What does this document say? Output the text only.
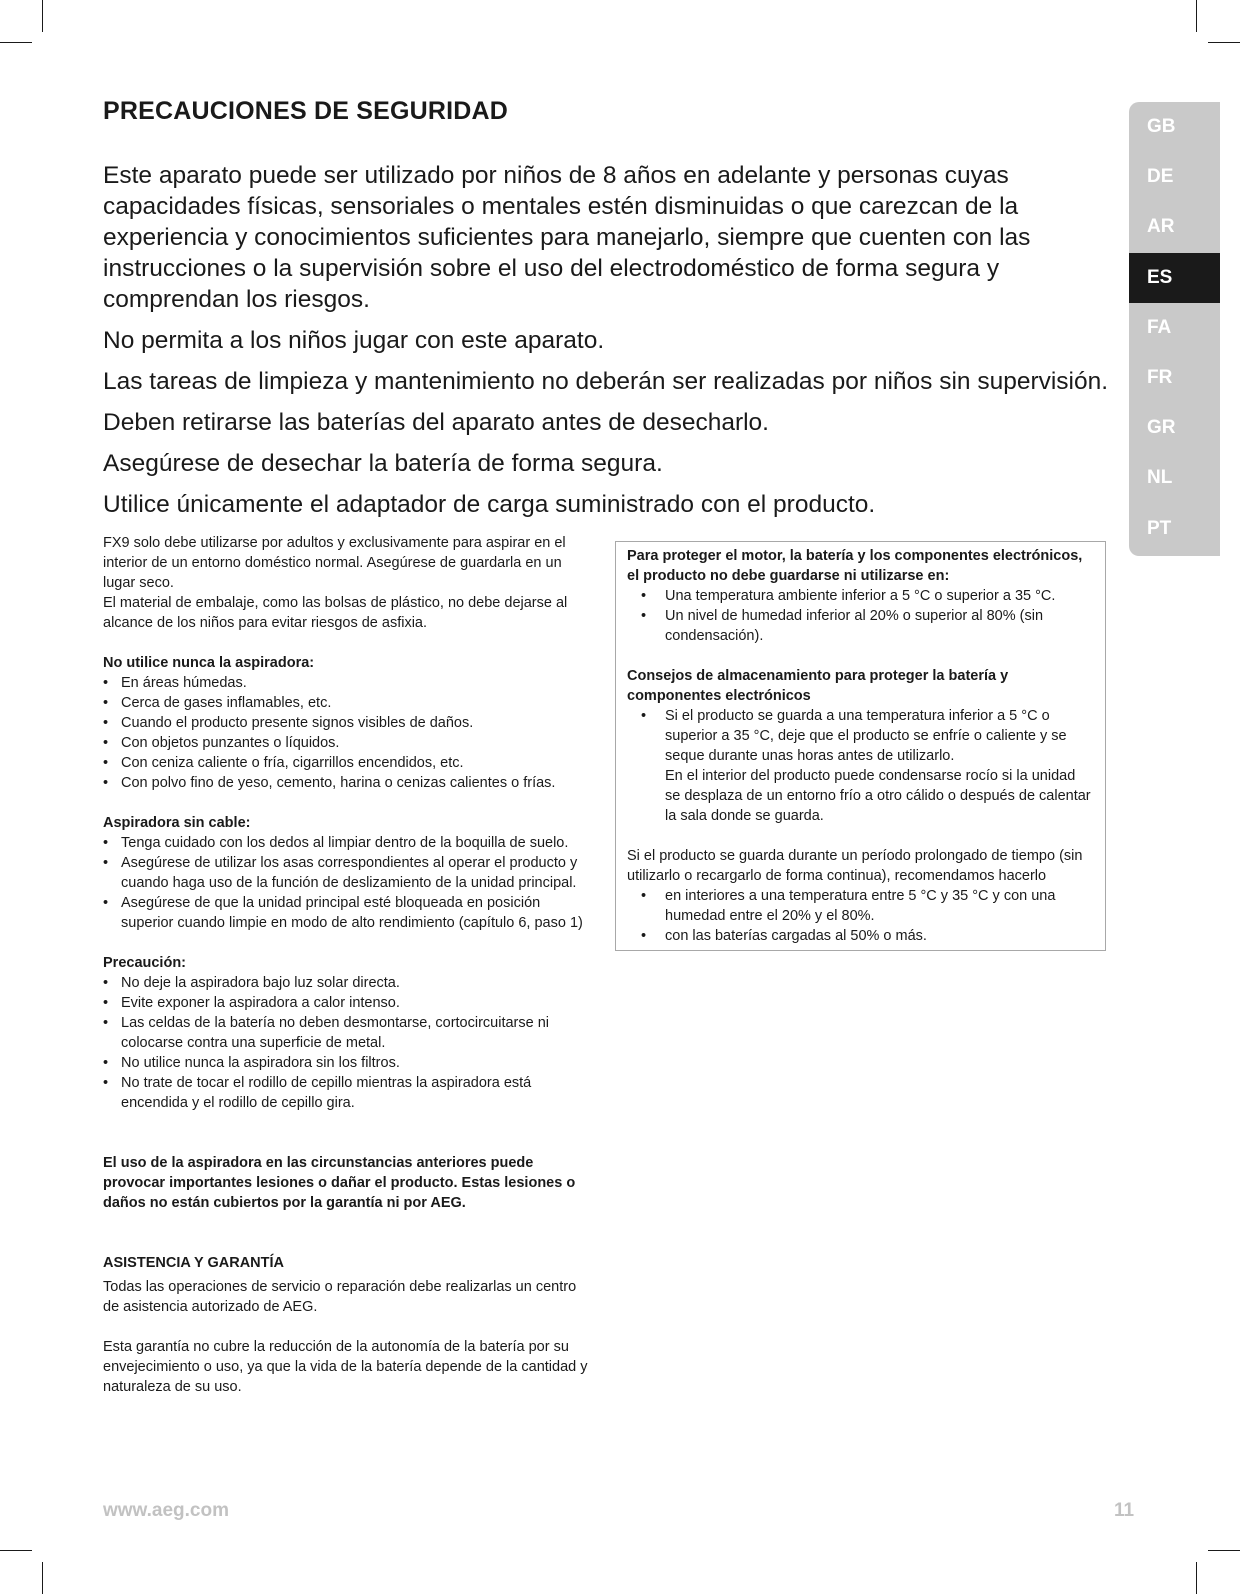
PRECAUCIONES DE SEGURIDAD

Este aparato puede ser utilizado por niños de 8 años en adelante y personas cuyas capacidades físicas, sensoriales o mentales estén disminuidas o que carezcan de la experiencia y conocimientos suficientes para manejarlo, siempre que cuenten con las instrucciones o la supervisión sobre el uso del electrodoméstico de forma segura y comprendan los riesgos.

No permita a los niños jugar con este aparato.

Las tareas de limpieza y mantenimiento no deberán ser realizadas por niños sin supervisión.

Deben retirarse las baterías del aparato antes de desecharlo.

Asegúrese de desechar la batería de forma segura.

Utilice únicamente el adaptador de carga suministrado con el producto.

FX9 solo debe utilizarse por adultos y exclusivamente para aspirar en el interior de un entorno doméstico normal. Asegúrese de guardarla en un lugar seco.

El material de embalaje, como las bolsas de plástico, no debe dejarse al alcance de los niños para evitar riesgos de asfixia.

No utilice nunca la aspiradora:

• En áreas húmedas.
• Cerca de gases inflamables, etc.
• Cuando el producto presente signos visibles de daños.
• Con objetos punzantes o líquidos.
• Con ceniza caliente o fría, cigarrillos encendidos, etc.
• Con polvo fino de yeso, cemento, harina o cenizas calientes o frías.

Aspiradora sin cable:

• Tenga cuidado con los dedos al limpiar dentro de la boquilla de suelo.
• Asegúrese de utilizar los asas correspondientes al operar el producto y cuando haga uso de la función de deslizamiento de la unidad principal.
• Asegúrese de que la unidad principal esté bloqueada en posición superior cuando limpie en modo de alto rendimiento (capítulo 6, paso 1)

Precaución:

• No deje la aspiradora bajo luz solar directa.
• Evite exponer la aspiradora a calor intenso.
• Las celdas de la batería no deben desmontarse, cortocircuitarse ni colocarse contra una superficie de metal.
• No utilice nunca la aspiradora sin los filtros.
• No trate de tocar el rodillo de cepillo mientras la aspiradora está encendida y el rodillo de cepillo gira.

El uso de la aspiradora en las circunstancias anteriores puede provocar importantes lesiones o dañar el producto. Estas lesiones o daños no están cubiertos por la garantía ni por AEG.

ASISTENCIA Y GARANTÍA

Todas las operaciones de servicio o reparación debe realizarlas un centro de asistencia autorizado de AEG.

Esta garantía no cubre la reducción de la autonomía de la batería por su envejecimiento o uso, ya que la vida de la batería depende de la cantidad y naturaleza de su uso.

Para proteger el motor, la batería y los componentes electrónicos, el producto no debe guardarse ni utilizarse en:

• Una temperatura ambiente inferior a 5 °C o superior a 35 °C.
• Un nivel de humedad inferior al 20% o superior al 80% (sin condensación).

Consejos de almacenamiento para proteger la batería y componentes electrónicos

• Si el producto se guarda a una temperatura inferior a 5 °C o superior a 35 °C, deje que el producto se enfríe o caliente y se seque durante unas horas antes de utilizarlo.
En el interior del producto puede condensarse rocío si la unidad se desplaza de un entorno frío a otro cálido o después de calentar la sala donde se guarda.

Si el producto se guarda durante un período prolongado de tiempo (sin utilizarlo o recargarlo de forma continua), recomendamos hacerlo

• en interiores a una temperatura entre 5 °C y 35 °C y con una humedad entre el 20% y el 80%.
• con las baterías cargadas al 50% o más.
GB
DE
AR
ES
FA
FR
GR
NL
PT

www.aeg.com	11
